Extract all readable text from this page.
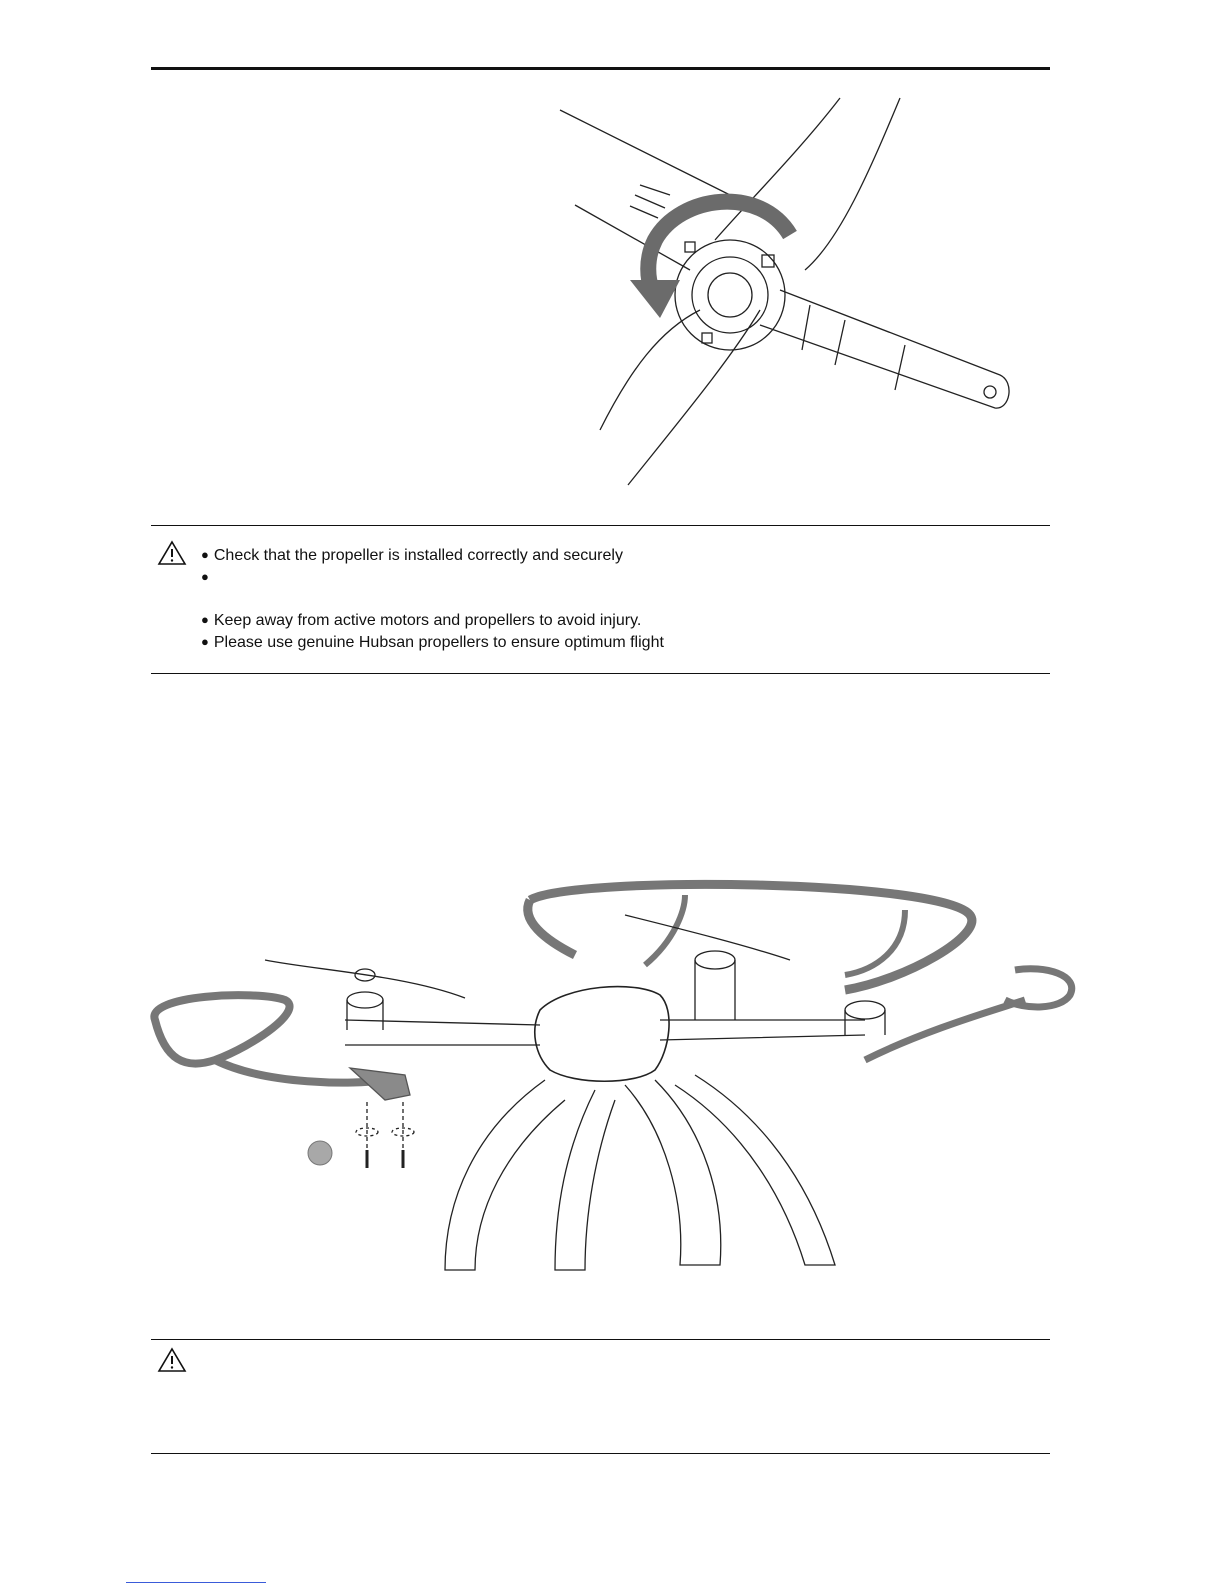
● Check that the propeller is installed correctly and securely
●
● Keep away from active motors and propellers to avoid injury.
● Please use genuine Hubsan propellers to ensure optimum flight
